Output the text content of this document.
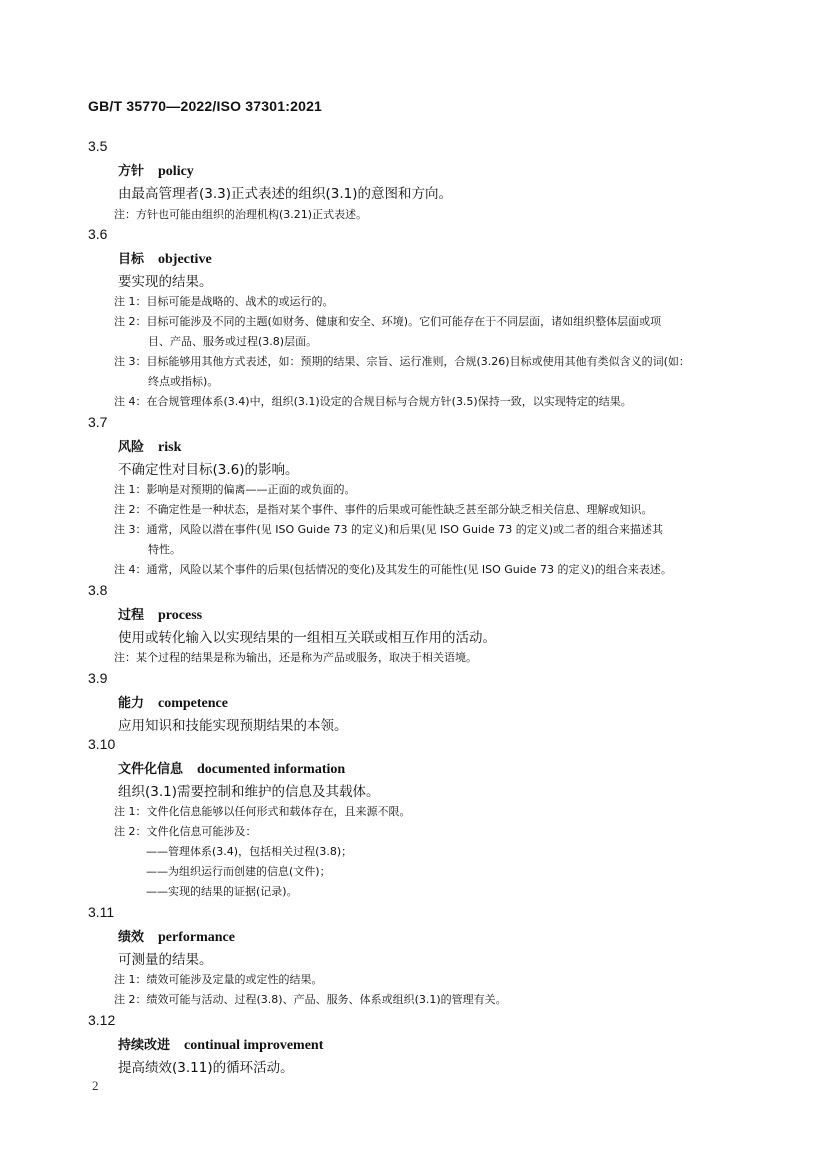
GB/T 35770—2022/ISO 37301:2021
3.5
方针 policy
由最高管理者(3.3)正式表述的组织(3.1)的意图和方向。
注：方针也可能由组织的治理机构(3.21)正式表述。
3.6
目标 objective
要实现的结果。
注 1：目标可能是战略的、战术的或运行的。
注 2：目标可能涉及不同的主题(如财务、健康和安全、环境)。它们可能存在于不同层面，诸如组织整体层面或项
目、产品、服务或过程(3.8)层面。
注 3：目标能够用其他方式表述，如：预期的结果、宗旨、运行准则，合规(3.26)目标或使用其他有类似含义的词(如：
终点或指标)。
注 4：在合规管理体系(3.4)中，组织(3.1)设定的合规目标与合规方针(3.5)保持一致，以实现特定的结果。
3.7
风险 risk
不确定性对目标(3.6)的影响。
注 1：影响是对预期的偏离——正面的或负面的。
注 2：不确定性是一种状态，是指对某个事件、事件的后果或可能性缺乏甚至部分缺乏相关信息、理解或知识。
注 3：通常，风险以潜在事件(见 ISO Guide 73 的定义)和后果(见 ISO Guide 73 的定义)或二者的组合来描述其
特性。
注 4：通常，风险以某个事件的后果(包括情况的变化)及其发生的可能性(见 ISO Guide 73 的定义)的组合来表述。
3.8
过程 process
使用或转化输入以实现结果的一组相互关联或相互作用的活动。
注：某个过程的结果是称为输出，还是称为产品或服务，取决于相关语境。
3.9
能力 competence
应用知识和技能实现预期结果的本领。
3.10
文件化信息 documented information
组织(3.1)需要控制和维护的信息及其载体。
注 1：文件化信息能够以任何形式和载体存在，且来源不限。
注 2：文件化信息可能涉及：
——管理体系(3.4)，包括相关过程(3.8)；
——为组织运行而创建的信息(文件)；
——实现的结果的证据(记录)。
3.11
绩效 performance
可测量的结果。
注 1：绩效可能涉及定量的或定性的结果。
注 2：绩效可能与活动、过程(3.8)、产品、服务、体系或组织(3.1)的管理有关。
3.12
持续改进 continual improvement
提高绩效(3.11)的循环活动。
2
